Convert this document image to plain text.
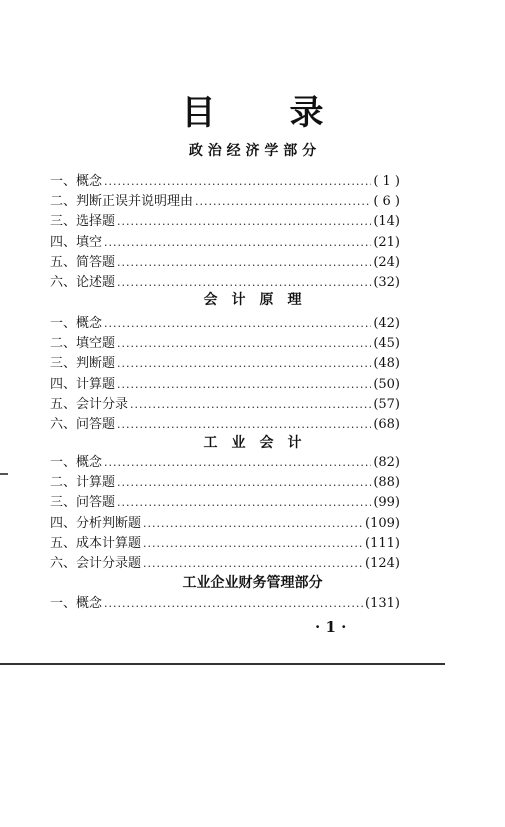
目 录
政 治 经 济 学 部 分
一、 概念 .....	( 1 )
二、 判断正误并说明理由 .....	( 6 )
三、 选择题 .....	(14)
四、 填空 .....	(21)
五、 简答题 .....	(24)
六、 论述题 .....	(32)
会　计　原　理
一、 概念 .....	(42)
二、 填空题 .....	(45)
三、 判断题 .....	(48)
四、 计算题 .....	(50)
五、 会计分录 .....	(57)
六、 问答题 .....	(68)
工　业　会　计
一、 概念 .....	(82)
二、 计算题 .....	(88)
三、 问答题 .....	(99)
四、 分析判断题 .....	(109)
五、 成本计算题 .....	(111)
六、 会计分录题 .....	(124)
工业企业财务管理部分
一、 概念 .....	(131)
· 1 ·
